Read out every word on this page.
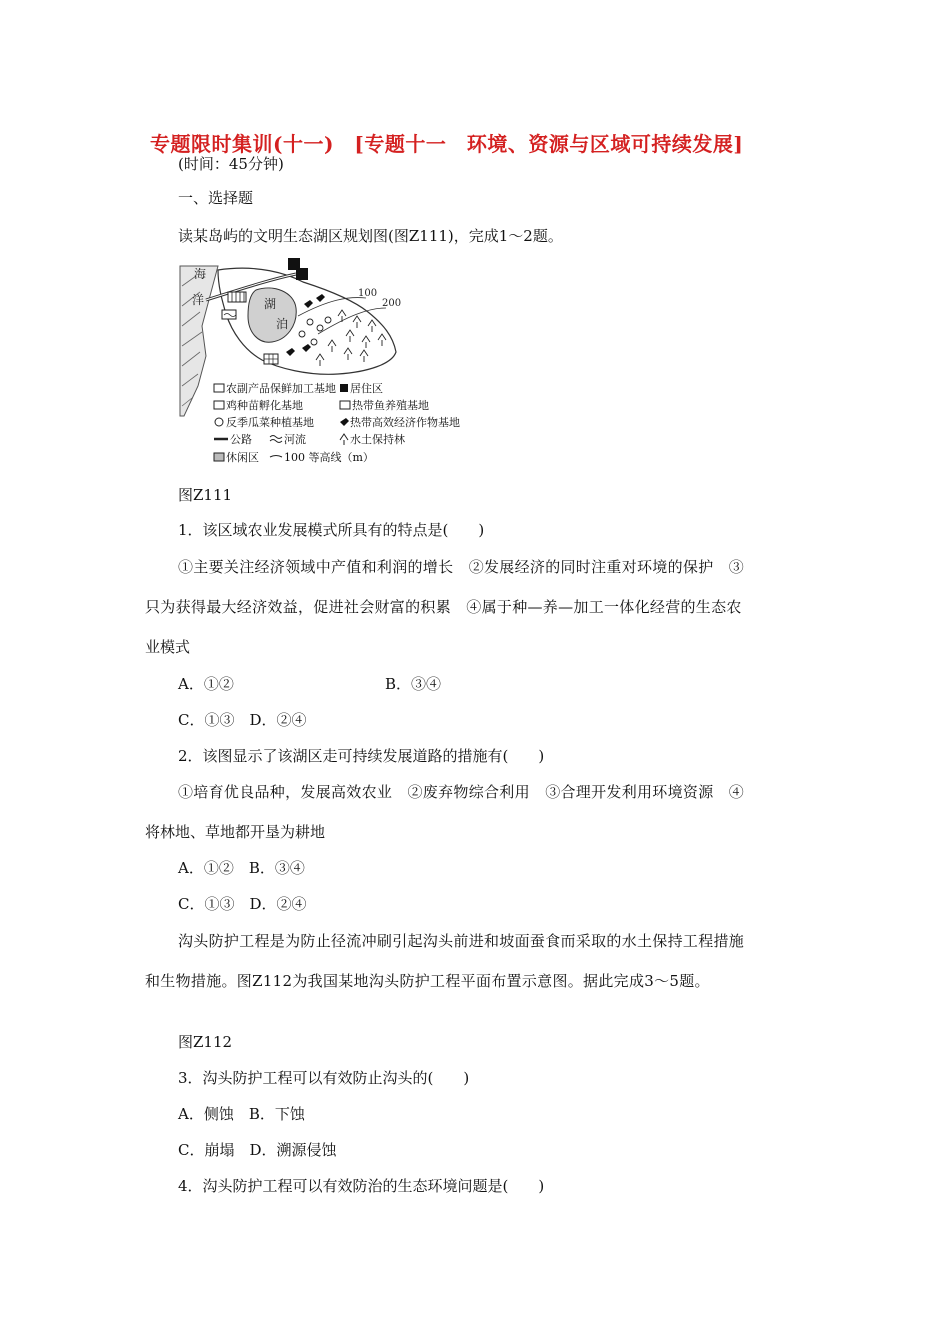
专题限时集训(十一)　[专题十一　环境、资源与区域可持续发展]
(时间：45分钟)
一、选择题
读某岛屿的文明生态湖区规划图(图Z111)，完成1～2题。
海
洋	湖
泊
100
200
农副产品保鲜加工基地 居住区
鸡种苗孵化基地	热带鱼养殖基地
反季瓜菜种植基地	热带高效经济作物基地
公路	河流	水土保持林
休闲区 100 等高线（m）
图Z111
1．该区域农业发展模式所具有的特点是(　　)
①主要关注经济领域中产值和利润的增长　②发展经济的同时注重对环境的保护　③
只为获得最大经济效益，促进社会财富的积累　④属于种—养—加工一体化经营的生态农
业模式
A．①②	B．③④
C．①③　D．②④
2．该图显示了该湖区走可持续发展道路的措施有(　　)
①培育优良品种，发展高效农业　②废弃物综合利用　③合理开发利用环境资源　④
将林地、草地都开垦为耕地
A．①②　B．③④
C．①③　D．②④
沟头防护工程是为防止径流冲刷引起沟头前进和坡面蚕食而采取的水土保持工程措施
和生物措施。图Z112为我国某地沟头防护工程平面布置示意图。据此完成3～5题。
图Z112
3．沟头防护工程可以有效防止沟头的(　　)
A．侧蚀　B．下蚀
C．崩塌　D．溯源侵蚀
4．沟头防护工程可以有效防治的生态环境问题是(　　)
